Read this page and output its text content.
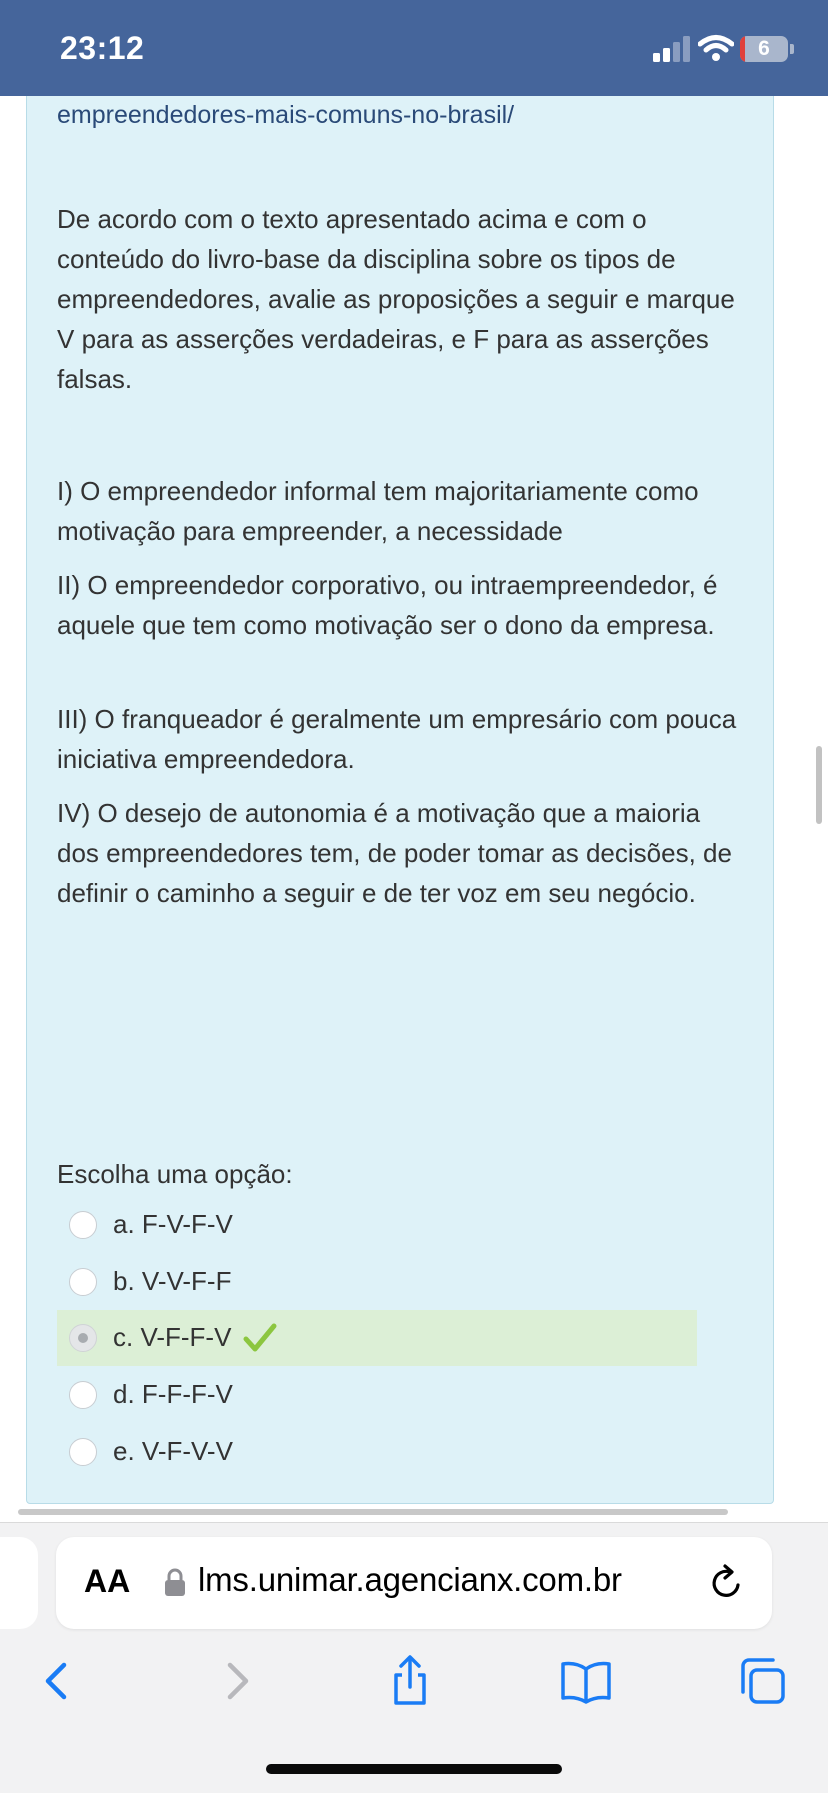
23:12	6
empreendedores-mais-comuns-no-brasil/
De acordo com o texto apresentado acima e com o conteúdo do livro-base da disciplina sobre os tipos de empreendedores, avalie as proposições a seguir e marque V para as asserções verdadeiras, e F para as asserções falsas.
I) O empreendedor informal tem majoritariamente como motivação para empreender, a necessidade
II) O empreendedor corporativo, ou intraempreendedor, é aquele que tem como motivação ser o dono da empresa.
III) O franqueador é geralmente um empresário com pouca iniciativa empreendedora.
IV) O desejo de autonomia é a motivação que a maioria dos empreendedores tem, de poder tomar as decisões, de definir o caminho a seguir e de ter voz em seu negócio.
Escolha uma opção:
a. F-V-F-V
b. V-V-F-F
c. V-F-F-V
d. F-F-F-V
e. V-F-V-V
AA lms.unimar.agencianx.com.br
